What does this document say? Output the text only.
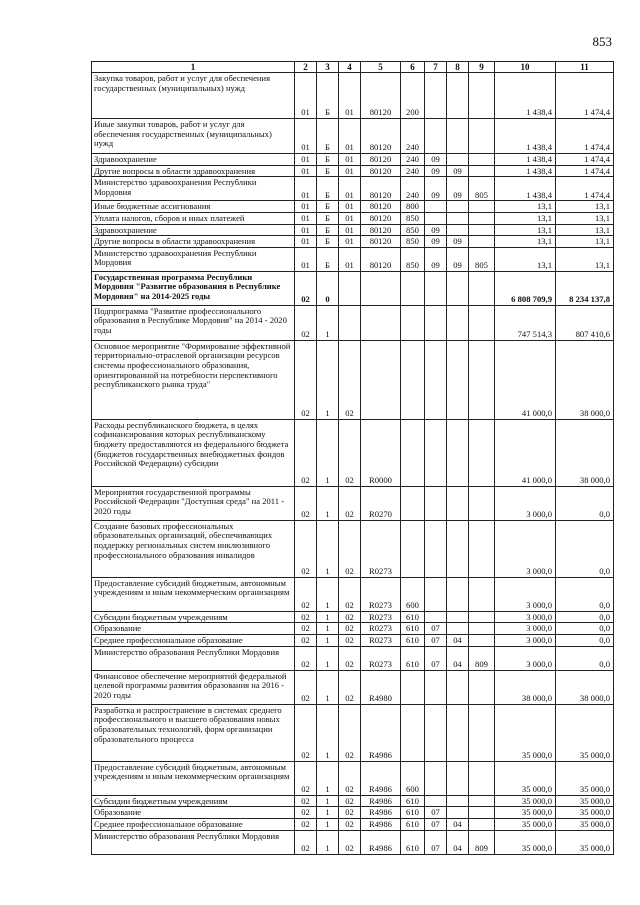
853
1	2	3	4	5	6	7	8	9	10	11
Закупка товаров, работ и услуг для обеспечения государственных (муниципальных) нужд	01	Б	01	80120	200				1 438,4	1 474,4
Иные закупки товаров, работ и услуг для обеспечения государственных (муниципальных) нужд	01	Б	01	80120	240				1 438,4	1 474,4
Здравоохранение	01	Б	01	80120	240	09			1 438,4	1 474,4
Другие вопросы в области здравоохранения	01	Б	01	80120	240	09	09		1 438,4	1 474,4
Министерство здравоохранения Республики Мордовия	01	Б	01	80120	240	09	09	805	1 438,4	1 474,4
Иные бюджетные ассигнования	01	Б	01	80120	800				13,1	13,1
Уплата налогов, сборов и иных платежей	01	Б	01	80120	850				13,1	13,1
Здравоохранение	01	Б	01	80120	850	09			13,1	13,1
Другие вопросы в области здравоохранения	01	Б	01	80120	850	09	09		13,1	13,1
Министерство здравоохранения Республики Мордовия	01	Б	01	80120	850	09	09	805	13,1	13,1
Государственная программа Республики Мордовия "Развитие образования в Республике Мордовия" на 2014-2025 годы	02	0							6 808 709,9	8 234 137,8
Подпрограмма "Развитие профессионального образования в Республике Мордовия" на 2014 - 2020 годы	02	1							747 514,3	807 410,6
Основное мероприятие "Формирование эффективной территориально-отраслевой организации ресурсов системы профессионального образования, ориентированной на потребности перспективного республиканского рынка труда"	02	1	02						41 000,0	38 000,0
Расходы республиканского бюджета, в целях софинансирования которых республиканскому бюджету предоставляются из федерального бюджета (бюджетов государственных внебюджетных фондов Российской Федерации) субсидии	02	1	02	R0000					41 000,0	38 000,0
Мероприятия государственной программы Российской Федерации "Доступная среда" на 2011 - 2020 годы	02	1	02	R0270					3 000,0	0,0
Создание базовых профессиональных образовательных организаций, обеспечивающих поддержку региональных систем инклюзивного профессионального образования инвалидов	02	1	02	R0273					3 000,0	0,0
Предоставление субсидий бюджетным, автономным учреждениям и иным некоммерческим организациям	02	1	02	R0273	600				3 000,0	0,0
Субсидии бюджетным учреждениям	02	1	02	R0273	610				3 000,0	0,0
Образование	02	1	02	R0273	610	07			3 000,0	0,0
Среднее профессиональное образование	02	1	02	R0273	610	07	04		3 000,0	0,0
Министерство образования Республики Мордовия	02	1	02	R0273	610	07	04	809	3 000,0	0,0
Финансовое обеспечение мероприятий федеральной целевой программы развития образования на 2016 - 2020 годы	02	1	02	R4980					38 000,0	38 000,0
Разработка и распространение в системах среднего профессионального и высшего образования новых образовательных технологий, форм организации образовательного процесса	02	1	02	R4986					35 000,0	35 000,0
Предоставление субсидий бюджетным, автономным учреждениям и иным некоммерческим организациям	02	1	02	R4986	600				35 000,0	35 000,0
Субсидии бюджетным учреждениям	02	1	02	R4986	610				35 000,0	35 000,0
Образование	02	1	02	R4986	610	07			35 000,0	35 000,0
Среднее профессиональное образование	02	1	02	R4986	610	07	04		35 000,0	35 000,0
Министерство образования Республики Мордовия	02	1	02	R4986	610	07	04	809	35 000,0	35 000,0
